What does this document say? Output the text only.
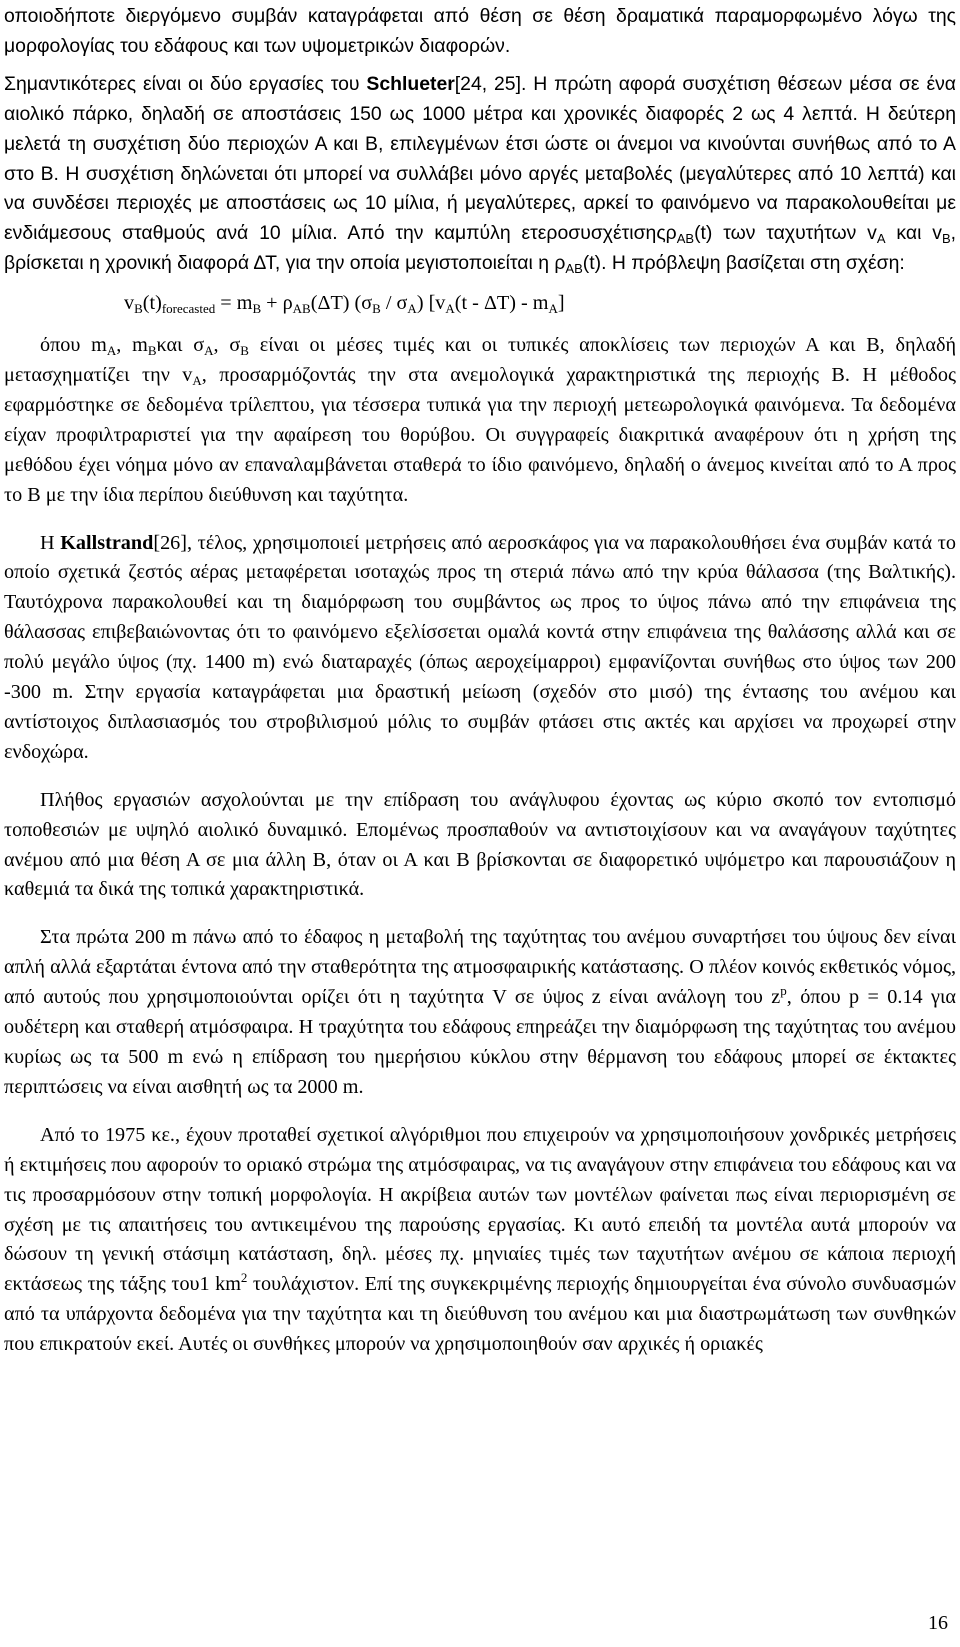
οποιοδήποτε διεργόμενο συμβάν καταγράφεται από θέση σε θέση δραματικά παραμορφωμένο λόγω της μορφολογίας του εδάφους και των υψομετρικών διαφορών.

Σημαντικότερες είναι οι δύο εργασίες του Schlueter[24, 25]. Η πρώτη αφορά συσχέτιση θέσεων μέσα σε ένα αιολικό πάρκο, δηλαδή σε αποστάσεις 150 ως 1000 μέτρα και χρονικές διαφορές 2 ως 4 λεπτά. Η δεύτερη μελετά τη συσχέτιση δύο περιοχών Α και Β, επιλεγμένων έτσι ώστε οι άνεμοι να κινούνται συνήθως από το Α στο Β. Η συσχέτιση δηλώνεται ότι μπορεί να συλλάβει μόνο αργές μεταβολές (μεγαλύτερες από 10 λεπτά) και να συνδέσει περιοχές με αποστάσεις ως 10 μίλια, ή μεγαλύτερες, αρκεί το φαινόμενο να παρακολουθείται με ενδιάμεσους σταθμούς ανά 10 μίλια. Από την καμπύλη ετεροσυσχέτισηςρ$_{AB}$(t) των ταχυτήτων $v_A$ και $v_B$, βρίσκεται η χρονική διαφορά ΔΤ, για την οποία μεγιστοποιείται η $\rho_{AB}(t)$. Η πρόβλεψη βασίζεται στη σχέση:

$v_B(t)_{forecasted} = m_B + \rho_{AB}(\Delta T)$ $(\sigma_B / \sigma_A)$ $[v_A(t - \Delta T) - m_A]$

όπου $m_A$, $m_B\kappa\alpha\iota$ $\sigma_A$, $\sigma_B$ είναι οι μέσες τιμές και οι τυπικές αποκλίσεις των περιοχών Α και Β, δηλαδή μετασχηματίζει την $v_A$, προσαρμόζοντάς την στα ανεμολογικά χαρακτηριστικά της περιοχής Β. Η μέθοδος εφαρμόστηκε σε δεδομένα τρίλεπτου, για τέσσερα τυπικά για την περιοχή μετεωρολογικά φαινόμενα. Τα δεδομένα είχαν προφιλτραριστεί για την αφαίρεση του θορύβου. Οι συγγραφείς διακριτικά αναφέρουν ότι η χρήση της μεθόδου έχει νόημα μόνο αν επαναλαμβάνεται σταθερά το ίδιο φαινόμενο, δηλαδή ο άνεμος κινείται από το Α προς το Β με την ίδια περίπου διεύθυνση και ταχύτητα.

Η Kallstrand[26], τέλος, χρησιμοποιεί μετρήσεις από αεροσκάφος για να παρακολουθήσει ένα συμβάν κατά το οποίο σχετικά ζεστός αέρας μεταφέρεται ισοταχώς προς τη στεριά πάνω από την κρύα θάλασσα (της Βαλτικής). Ταυτόχρονα παρακολουθεί και τη διαμόρφωση του συμβάντος ως προς το ύψος πάνω από την επιφάνεια της θάλασσας επιβεβαιώνοντας ότι το φαινόμενο εξελίσσεται ομαλά κοντά στην επιφάνεια της θαλάσσης αλλά και σε πολύ μεγάλο ύψος (πχ. 1400 m) ενώ διαταραχές (όπως αεροχείμαρροι) εμφανίζονται συνήθως στο ύψος των 200 -300 m. Στην εργασία καταγράφεται μια δραστική μείωση (σχεδόν στο μισό) της έντασης του ανέμου και αντίστοιχος διπλασιασμός του στροβιλισμού μόλις το συμβάν φτάσει στις ακτές και αρχίσει να προχωρεί στην ενδοχώρα.

Πλήθος εργασιών ασχολούνται με την επίδραση του ανάγλυφου έχοντας ως κύριο σκοπό τον εντοπισμό τοποθεσιών με υψηλό αιολικό δυναμικό. Επομένως προσπαθούν να αντιστοιχίσουν και να αναγάγουν ταχύτητες ανέμου από μια θέση Α σε μια άλλη Β, όταν οι Α και Β βρίσκονται σε διαφορετικό υψόμετρο και παρουσιάζουν η καθεμιά τα δικά της τοπικά χαρακτηριστικά.

Στα πρώτα 200 m πάνω από το έδαφος η μεταβολή της ταχύτητας του ανέμου συναρτήσει του ύψους δεν είναι απλή αλλά εξαρτάται έντονα από την σταθερότητα της ατμοσφαιρικής κατάστασης. Ο πλέον κοινός εκθετικός νόμος, από αυτούς που χρησιμοποιούνται ορίζει ότι η ταχύτητα V σε ύψος z είναι ανάλογη του $z^p$, όπου p = 0.14 για ουδέτερη και σταθερή ατμόσφαιρα. Η τραχύτητα του εδάφους επηρεάζει την διαμόρφωση της ταχύτητας του ανέμου κυρίως ως τα 500 m ενώ η επίδραση του ημερήσιου κύκλου στην θέρμανση του εδάφους μπορεί σε έκτακτες περιπτώσεις να είναι αισθητή ως τα 2000 m.

Από το 1975 κε., έχουν προταθεί σχετικοί αλγόριθμοι που επιχειρούν να χρησιμοποιήσουν χονδρικές μετρήσεις ή εκτιμήσεις που αφορούν το οριακό στρώμα της ατμόσφαιρας, να τις αναγάγουν στην επιφάνεια του εδάφους και να τις προσαρμόσουν στην τοπική μορφολογία. Η ακρίβεια αυτών των μοντέλων φαίνεται πως είναι περιορισμένη σε σχέση με τις απαιτήσεις του αντικειμένου της παρούσης εργασίας. Κι αυτό επειδή τα μοντέλα αυτά μπορούν να δώσουν τη γενική στάσιμη κατάσταση, δηλ. μέσες πχ. μηνιαίες τιμές των ταχυτήτων ανέμου σε κάποια περιοχή εκτάσεως της τάξης του1 $km^2$ τουλάχιστον. Επί της συγκεκριμένης περιοχής δημιουργείται ένα σύνολο συνδυασμών από τα υπάρχοντα δεδομένα για την ταχύτητα και τη διεύθυνση του ανέμου και μια διαστρωμάτωση των συνθηκών που επικρατούν εκεί. Αυτές οι συνθήκες μπορούν να χρησιμοποιηθούν σαν αρχικές ή οριακές

16
